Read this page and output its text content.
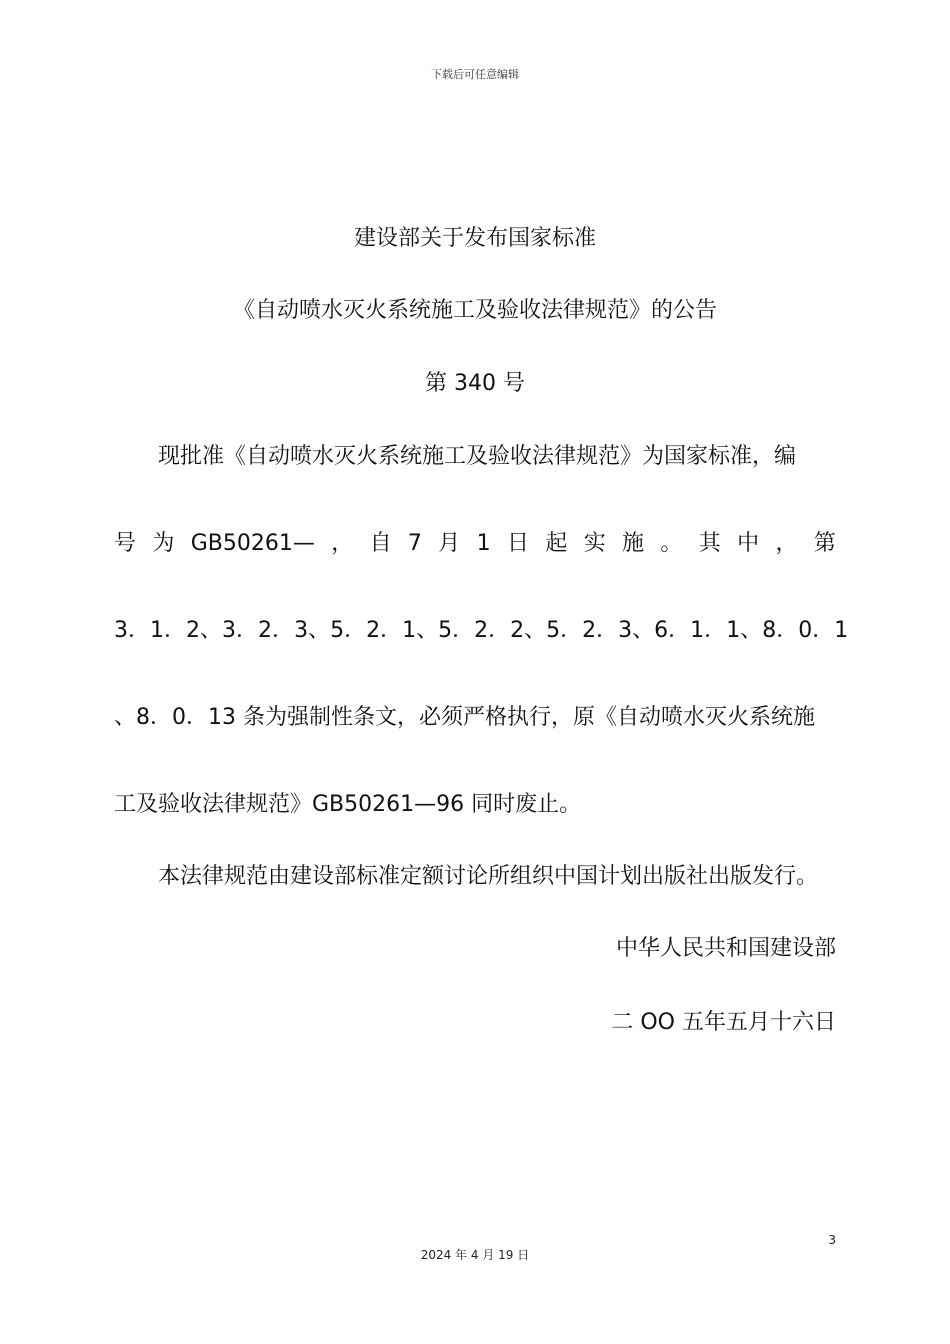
下载后可任意编辑
建设部关于发布国家标准
《自动喷水灭火系统施工及验收法律规范》的公告
第 340 号
现批准《自动喷水灭火系统施工及验收法律规范》为国家标准，编
号 为 GB50261— ， 自 7 月 1 日 起 实 施 。 其 中 ， 第
3 ． 1 ． 2、 3 ． 2 ． 3、 5 ． 2 ． 1、 5 ． 2 ． 2、 5 ． 2 ． 3、 6 ． 1 ． 1、 8 ． 0 ． 1
、8．0．13 条为强制性条文，必须严格执行，原《自动喷水灭火系统施
工及验收法律规范》GB50261—96 同时废止。
本法律规范由建设部标准定额讨论所组织中国计划出版社出版发行。
中华人民共和国建设部
二 OO 五年五月十六日
3
2024 年 4 月 19 日
